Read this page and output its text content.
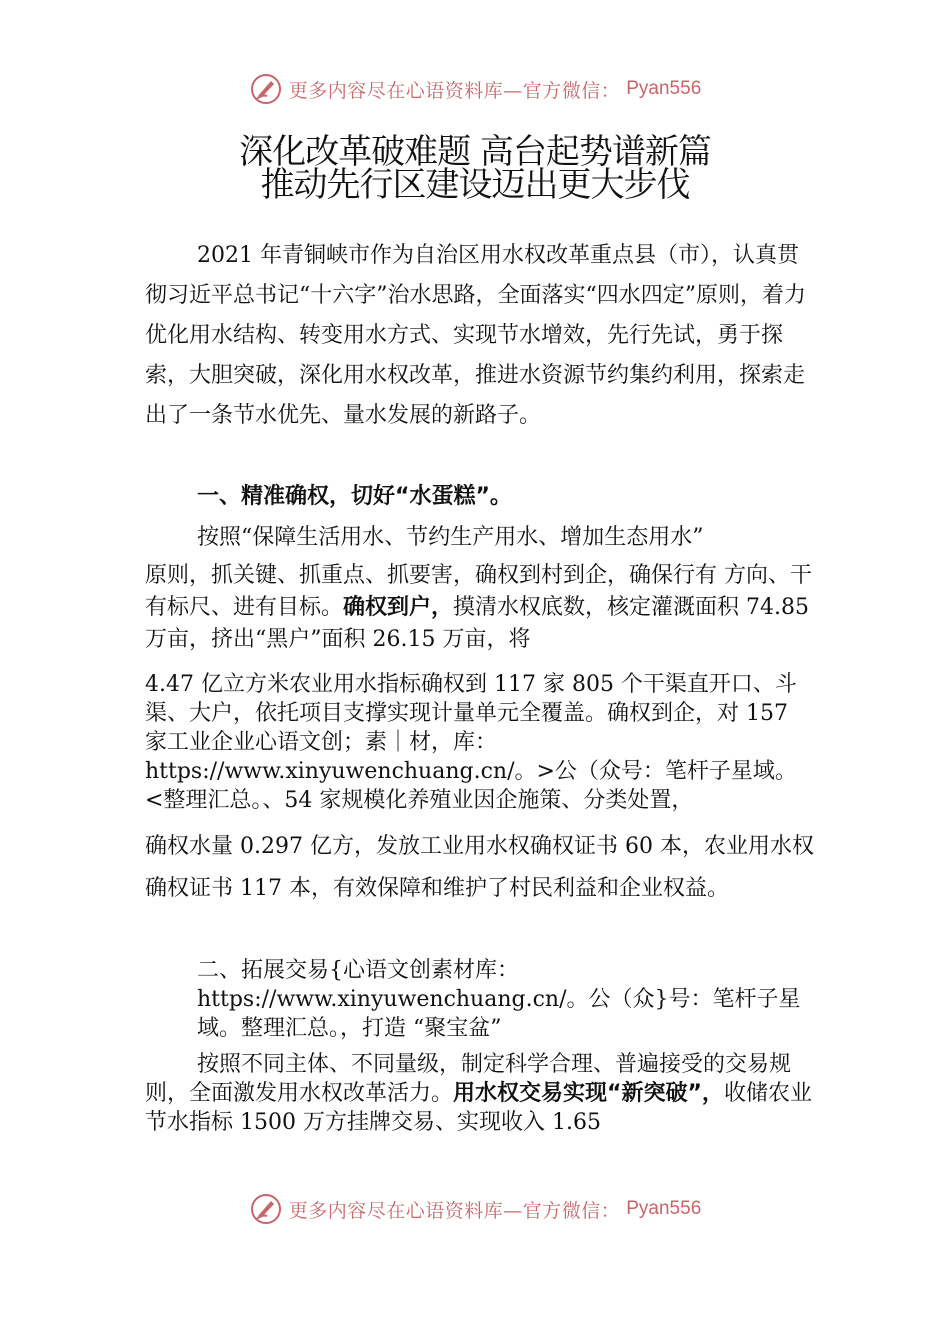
更多内容尽在心语资料库—官方微信： Pyan556
深化改革破难题 高台起势谱新篇
推动先行区建设迈出更大步伐
2021 年青铜峡市作为自治区用水权改革重点县（市），认真贯彻习近平总书记“十六字”治水思路，全面落实“四水四定”原则，着力优化用水结构、转变用水方式、实现节水增效，先行先试，勇于探索，大胆突破，深化用水权改革，推进水资源节约集约利用，探索走出了一条节水优先、量水发展的新路子。
一、精准确权，切好“水蛋糕”。
按照“保障生活用水、节约生产用水、增加生态用水”
原则，抓关键、抓重点、抓要害，确权到村到企，确保行有 方向、干有标尺、进有目标。确权到户，摸清水权底数，核定灌溉面积 74.85 万亩，挤出“黑户”面积 26.15 万亩，将
4.47 亿立方米农业用水指标确权到 117 家 805 个干渠直开口、斗渠、大户，依托项目支撑实现计量单元全覆盖。确权到企，对 157 家工业企业心语文创；素｜材，库：https://www.xinyuwenchuang.cn/。>公（众号：笔杆子星域。<整理汇总。、54 家规模化养殖业因企施策、分类处置，
确权水量 0.297 亿方，发放工业用水权确权证书 60 本，农业用水权确权证书 117 本，有效保障和维护了村民利益和企业权益。
二、拓展交易{心语文创素材库：https://www.xinyuwenchuang.cn/。公（众}号：笔杆子星域。整理汇总。，打造 “聚宝盆”
按照不同主体、不同量级，制定科学合理、普遍接受的交易规则，全面激发用水权改革活力。用水权交易实现“新突破”，收储农业节水指标 1500 万方挂牌交易、实现收入 1.65
更多内容尽在心语资料库—官方微信： Pyan556
